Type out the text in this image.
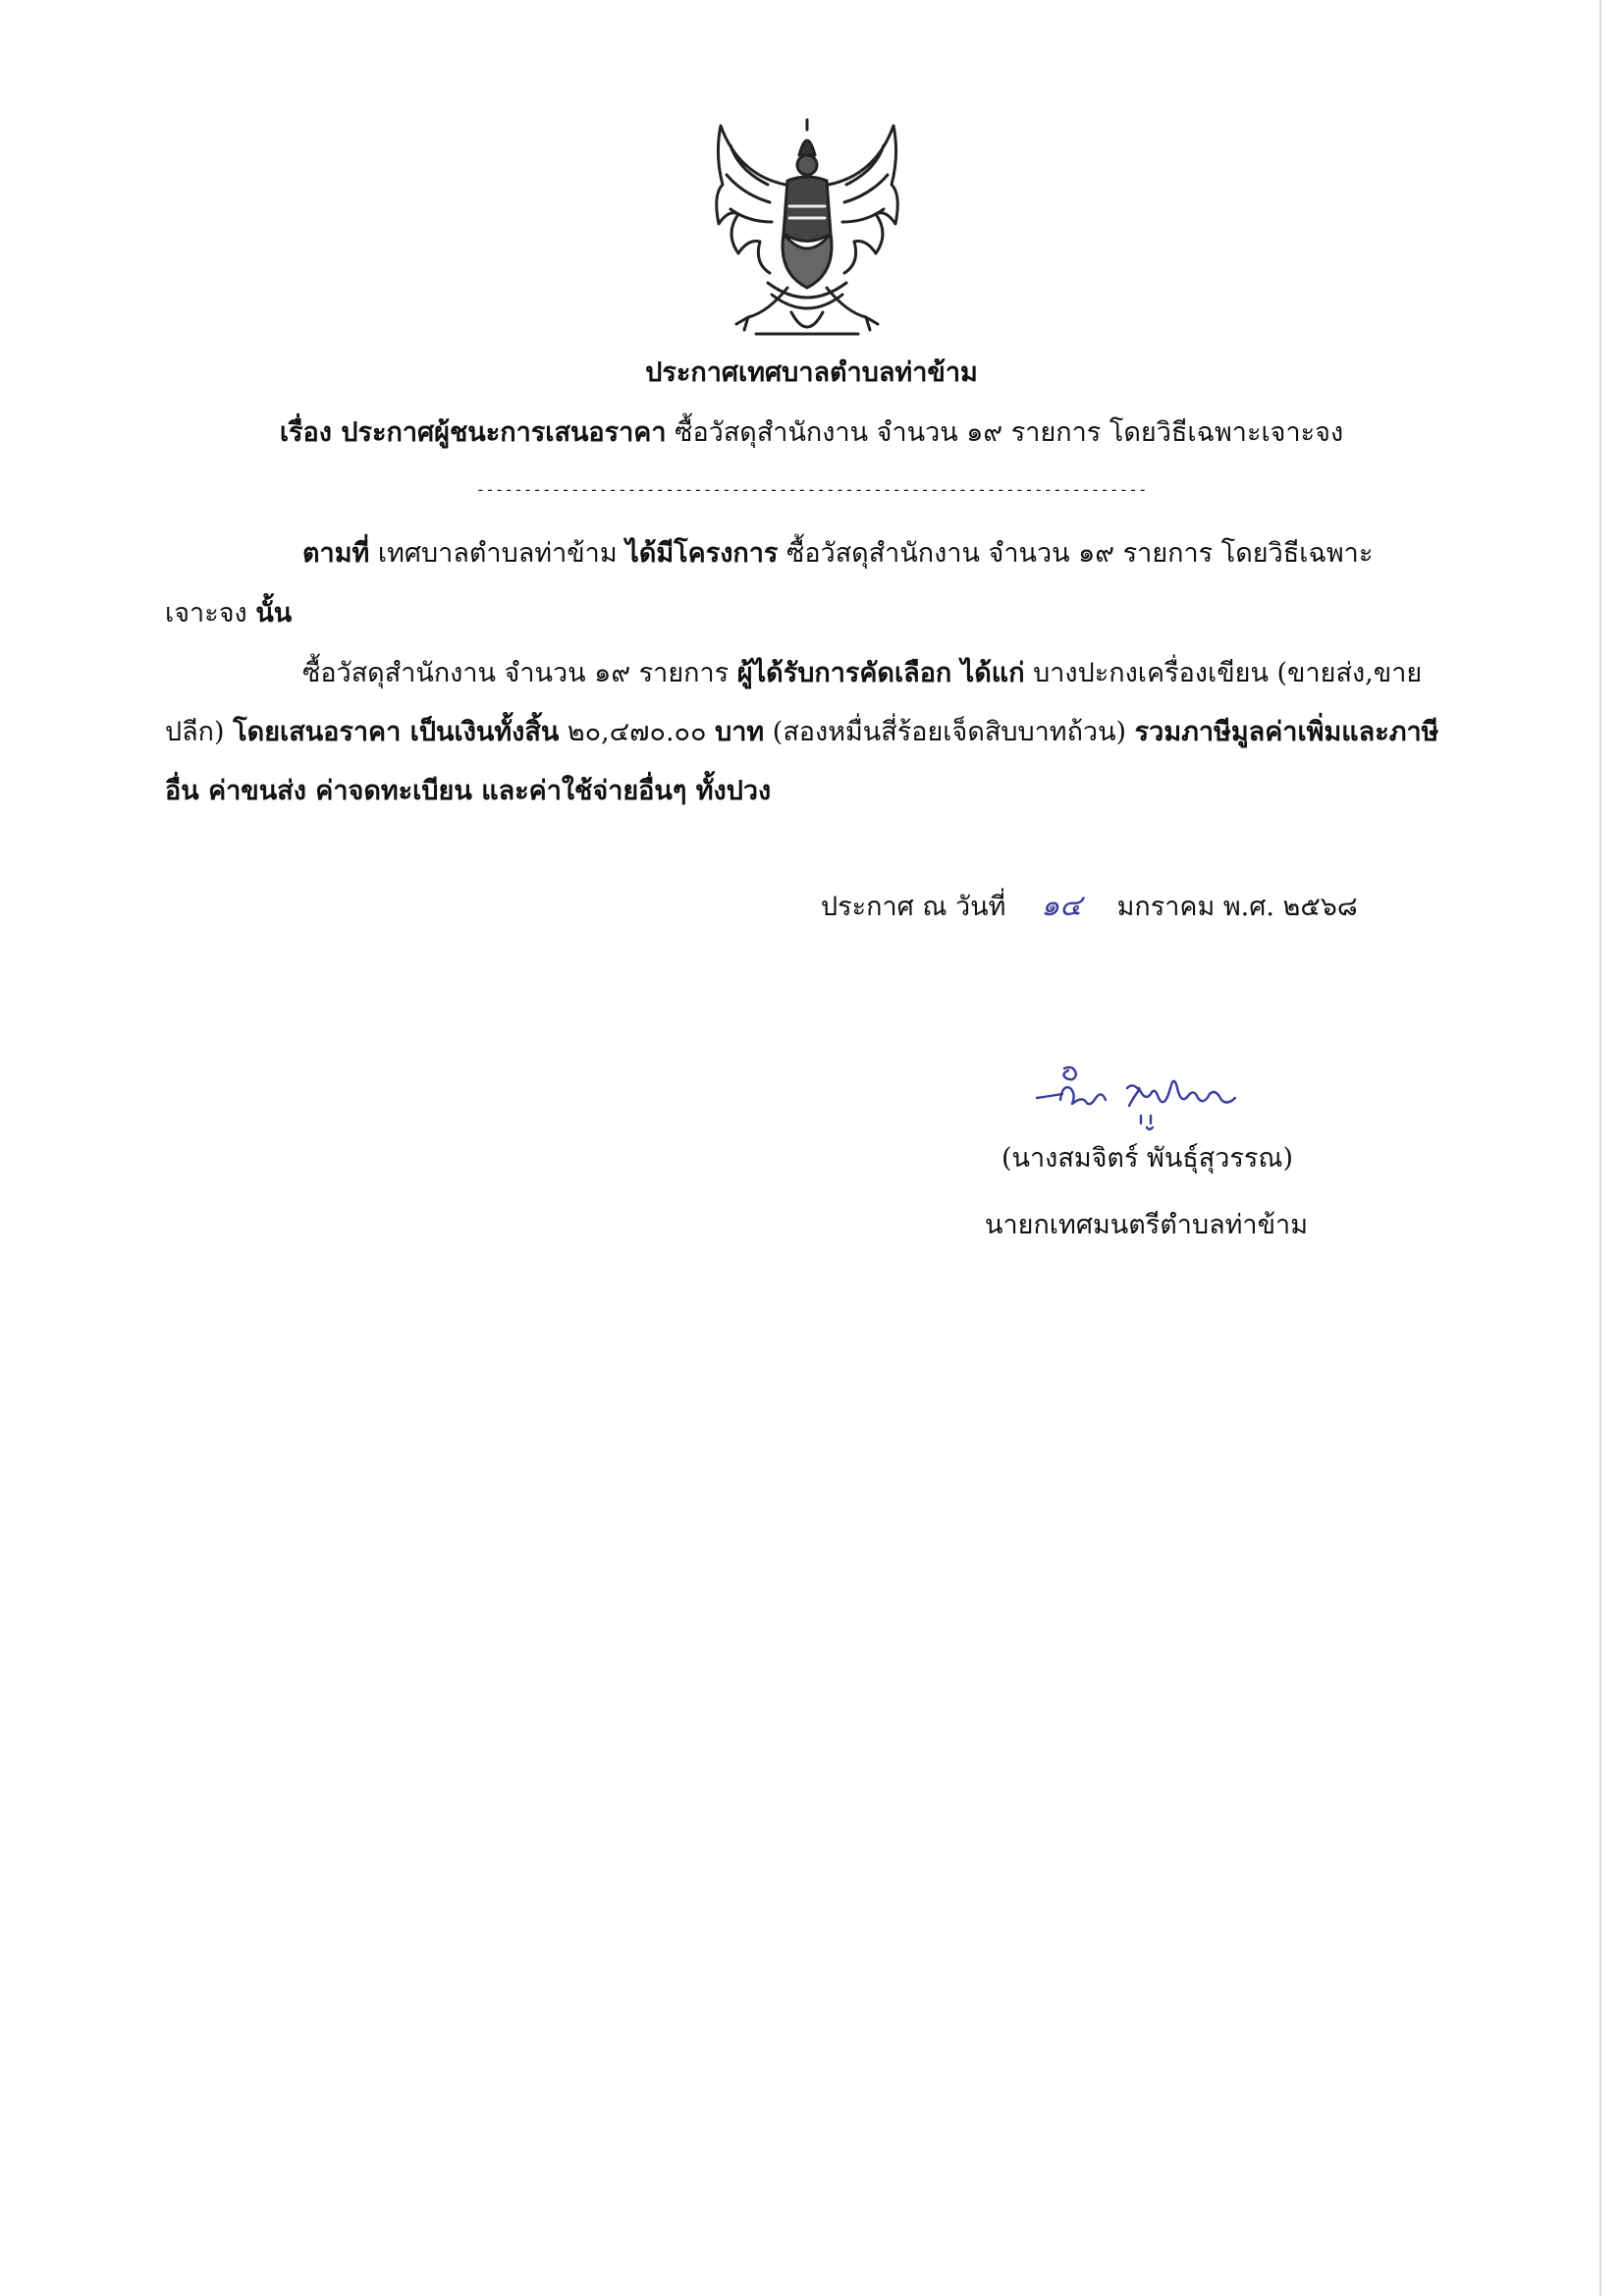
ประกาศเทศบาลตำบลท่าข้าม
เรื่อง ประกาศผู้ชนะการเสนอราคา ซื้อวัสดุสำนักงาน จำนวน ๑๙ รายการ โดยวิธีเฉพาะเจาะจง
-----------------------------------------------------------------------
ตามที่ เทศบาลตำบลท่าข้าม ได้มีโครงการ ซื้อวัสดุสำนักงาน จำนวน ๑๙ รายการ โดยวิธีเฉพาะ
เจาะจง นั้น
ซื้อวัสดุสำนักงาน จำนวน ๑๙ รายการ ผู้ได้รับการคัดเลือก ได้แก่ บางปะกงเครื่องเขียน (ขายส่ง,ขาย
ปลีก) โดยเสนอราคา เป็นเงินทั้งสิ้น ๒๐,๔๗๐.๐๐ บาท (สองหมื่นสี่ร้อยเจ็ดสิบบาทถ้วน) รวมภาษีมูลค่าเพิ่มและภาษี
อื่น ค่าขนส่ง ค่าจดทะเบียน และค่าใช้จ่ายอื่นๆ ทั้งปวง
ประกาศ ณ วันที่ ๑๔ มกราคม พ.ศ. ๒๕๖๘
(นางสมจิตร์ พันธุ์สุวรรณ)
นายกเทศมนตรีตำบลท่าข้าม
